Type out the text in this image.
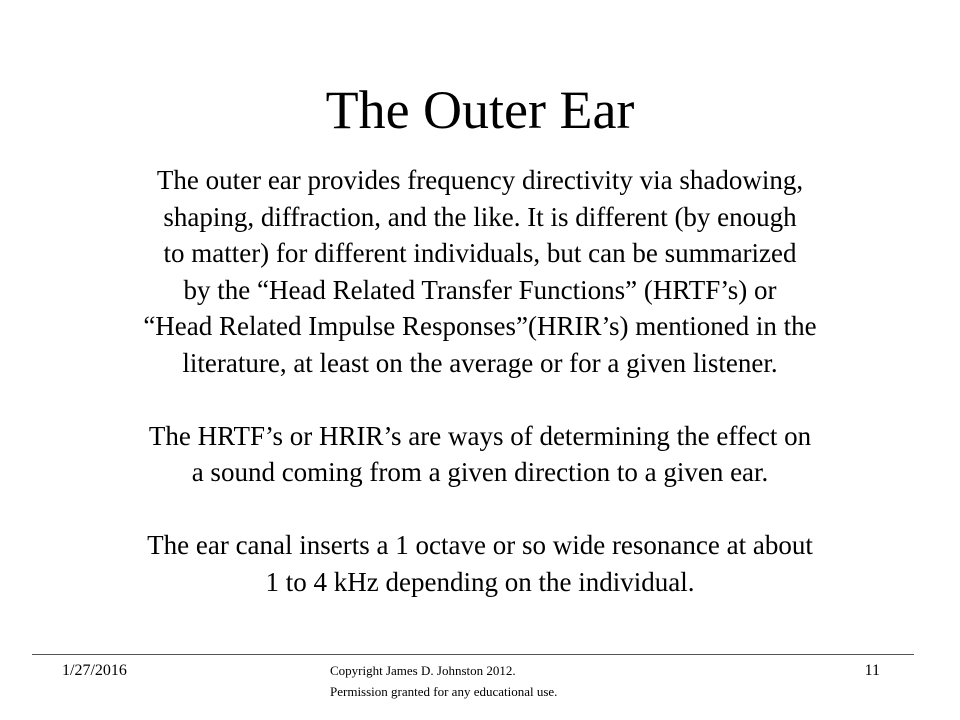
The Outer Ear

The outer ear provides frequency directivity via shadowing,
shaping, diffraction, and the like. It is different (by enough
to matter) for different individuals, but can be summarized
by the “Head Related Transfer Functions” (HRTF’s) or
“Head Related Impulse Responses”(HRIR’s) mentioned in the
literature, at least on the average or for a given listener.

The HRTF’s or HRIR’s are ways of determining the effect on
a sound coming from a given direction to a given ear.

The ear canal inserts a 1 octave or so wide resonance at about
1 to 4 kHz depending on the individual.

1/27/2016	Copyright James D. Johnston 2012.
Permission granted for any educational use.
11
